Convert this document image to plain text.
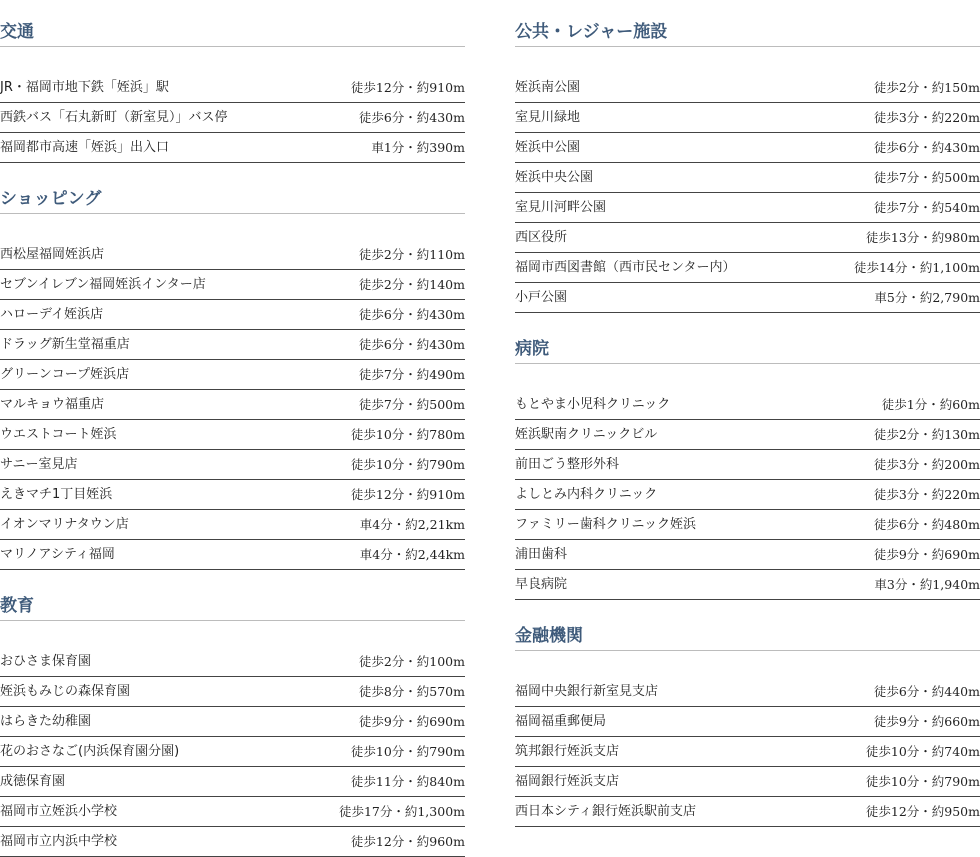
交通
JR・福岡市地下鉄「姪浜」駅	徒歩12分・約910m
西鉄バス「石丸新町（新室見）」バス停	徒歩6分・約430m
福岡都市高速「姪浜」出入口	車1分・約390m
ショッピング
西松屋福岡姪浜店	徒歩2分・約110m
セブンイレブン福岡姪浜インター店	徒歩2分・約140m
ハローデイ姪浜店	徒歩6分・約430m
ドラッグ新生堂福重店	徒歩6分・約430m
グリーンコープ姪浜店	徒歩7分・約490m
マルキョウ福重店	徒歩7分・約500m
ウエストコート姪浜	徒歩10分・約780m
サニー室見店	徒歩10分・約790m
えきマチ1丁目姪浜	徒歩12分・約910m
イオンマリナタウン店	車4分・約2,21km
マリノアシティ福岡	車4分・約2,44km
教育
おひさま保育園	徒歩2分・約100m
姪浜もみじの森保育園	徒歩8分・約570m
はらきた幼稚園	徒歩9分・約690m
花のおさなご(内浜保育園分園)	徒歩10分・約790m
成徳保育園	徒歩11分・約840m
福岡市立姪浜小学校	徒歩17分・約1,300m
福岡市立内浜中学校	徒歩12分・約960m
公共・レジャー施設
姪浜南公園	徒歩2分・約150m
室見川緑地	徒歩3分・約220m
姪浜中公園	徒歩6分・約430m
姪浜中央公園	徒歩7分・約500m
室見川河畔公園	徒歩7分・約540m
西区役所	徒歩13分・約980m
福岡市西図書館（西市民センター内）	徒歩14分・約1,100m
小戸公園	車5分・約2,790m
病院
もとやま小児科クリニック	徒歩1分・約60m
姪浜駅南クリニックビル	徒歩2分・約130m
前田ごう整形外科	徒歩3分・約200m
よしとみ内科クリニック	徒歩3分・約220m
ファミリー歯科クリニック姪浜	徒歩6分・約480m
浦田歯科	徒歩9分・約690m
早良病院	車3分・約1,940m
金融機関
福岡中央銀行新室見支店	徒歩6分・約440m
福岡福重郵便局	徒歩9分・約660m
筑邦銀行姪浜支店	徒歩10分・約740m
福岡銀行姪浜支店	徒歩10分・約790m
西日本シティ銀行姪浜駅前支店	徒歩12分・約950m
